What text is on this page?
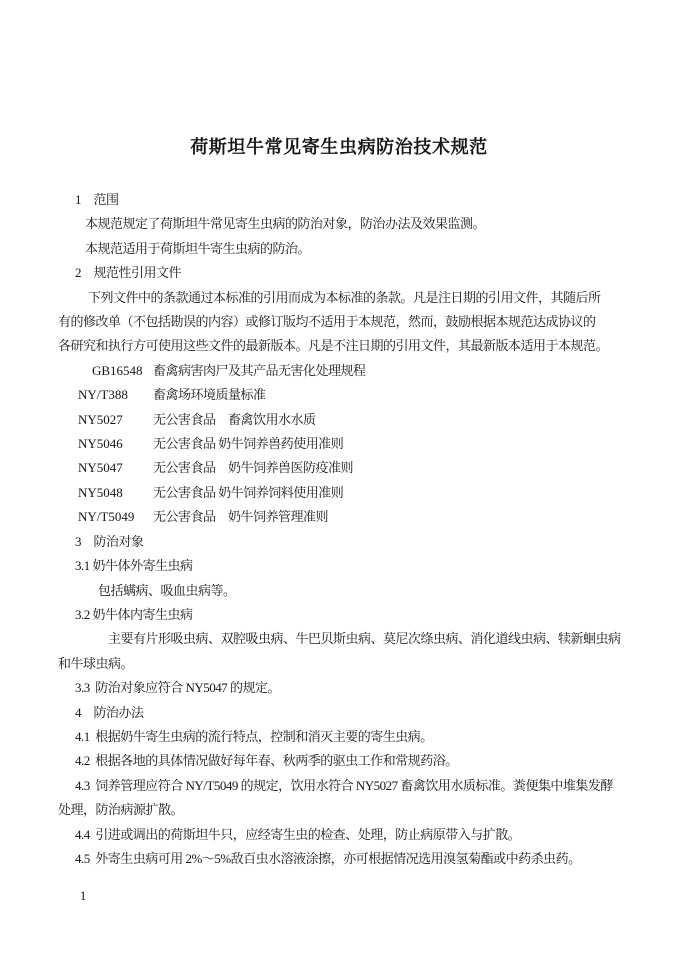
荷斯坦牛常见寄生虫病防治技术规范
1　范围
本规范规定了荷斯坦牛常见寄生虫病的防治对象，防治办法及效果监测。
本规范适用于荷斯坦牛寄生虫病的防治。
2　规范性引用文件
下列文件中的条款通过本标准的引用而成为本标准的条款。凡是注日期的引用文件，其随后所
有的修改单（不包括勘误的内容）或修订版均不适用于本规范，然而，鼓励根据本规范达成协议的
各研究和执行方可使用这些文件的最新版本。凡是不注日期的引用文件，其最新版本适用于本规范。
GB16548 畜禽病害肉尸及其产品无害化处理规程
NY/T388	畜禽场环境质量标准
NY5027	无公害食品　畜禽饮用水水质
NY5046	无公害食品 奶牛饲养兽药使用准则
NY5047	无公害食品　奶牛饲养兽医防疫准则
NY5048	无公害食品 奶牛饲养饲料使用准则
NY/T5049	无公害食品　奶牛饲养管理准则
3　防治对象
3.1 奶牛体外寄生虫病
包括螨病、吸血虫病等。
3.2 奶牛体内寄生虫病
主要有片形吸虫病、双腔吸虫病、牛巴贝斯虫病、莫尼次绦虫病、消化道线虫病、犊新蛔虫病
和牛球虫病。
3.3  防治对象应符合 NY5047 的规定。
4　防治办法
4.1  根据奶牛寄生虫病的流行特点，控制和消灭主要的寄生虫病。
4.2  根据各地的具体情况做好每年春、秋两季的驱虫工作和常规药浴。
4.3  饲养管理应符合 NY/T5049 的规定，饮用水符合 NY5027 畜禽饮用水质标准。粪便集中堆集发酵
处理，防治病源扩散。
4.4  引进或调出的荷斯坦牛只，应经寄生虫的检查、处理，防止病原带入与扩散。
4.5  外寄生虫病可用 2%～5%敌百虫水溶液涂擦，亦可根据情况选用溴氢菊酯或中药杀虫药。
1
